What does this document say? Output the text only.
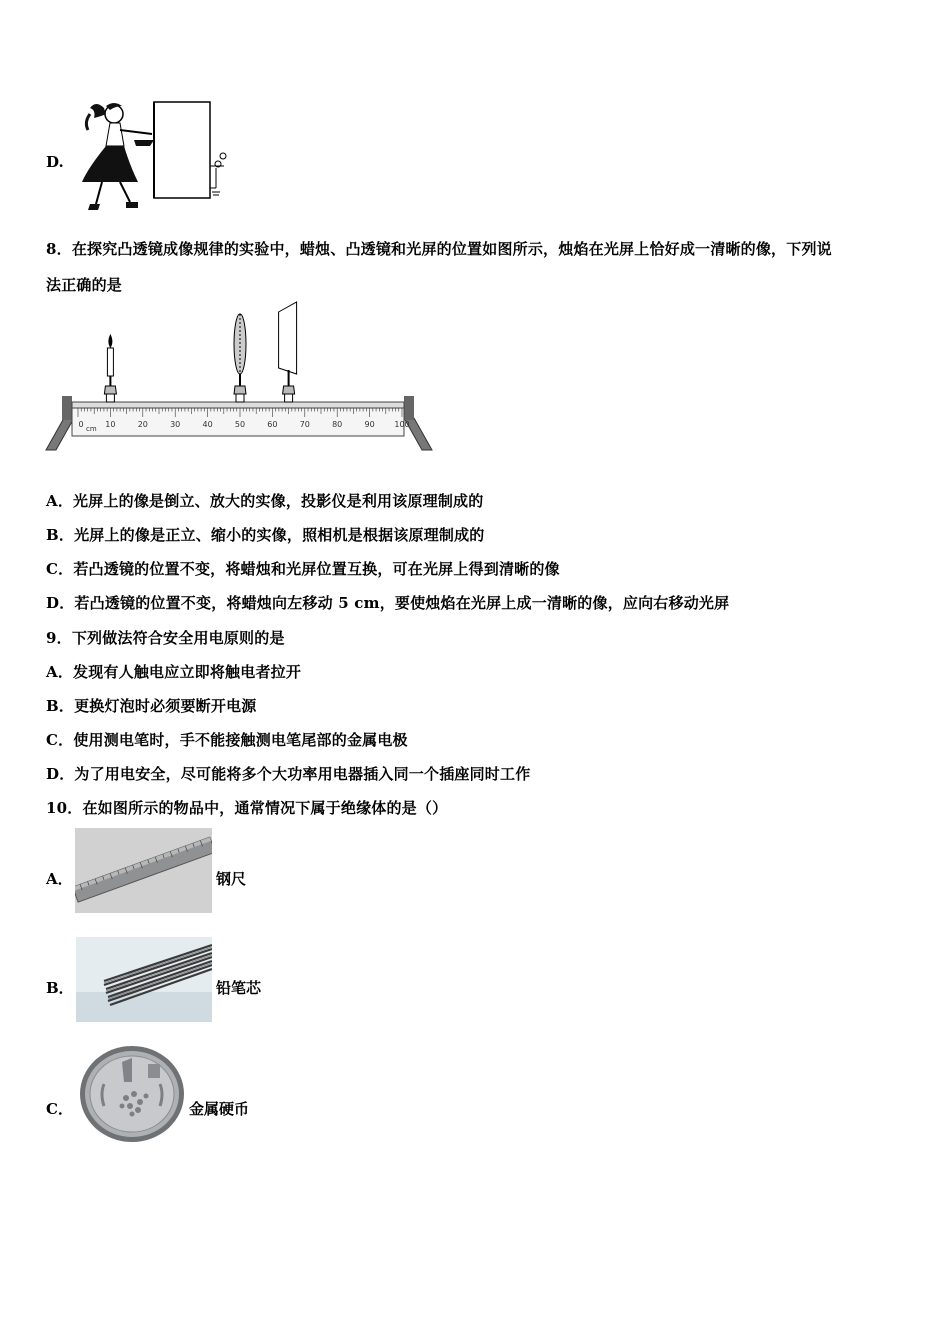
D.
8．在探究凸透镜成像规律的实验中，蜡烛、凸透镜和光屏的位置如图所示，烛焰在光屏上恰好成一清晰的像，下列说
法正确的是
0	10	20	30	40	50	60	70	80	90 100
cm
A．光屏上的像是倒立、放大的实像，投影仪是利用该原理制成的
B．光屏上的像是正立、缩小的实像，照相机是根据该原理制成的
C．若凸透镜的位置不变，将蜡烛和光屏位置互换，可在光屏上得到清晰的像
D．若凸透镜的位置不变，将蜡烛向左移动 5 cm，要使烛焰在光屏上成一清晰的像，应向右移动光屏
9．下列做法符合安全用电原则的是
A．发现有人触电应立即将触电者拉开
B．更换灯泡时必须要断开电源
C．使用测电笔时，手不能接触测电笔尾部的金属电极
D．为了用电安全，尽可能将多个大功率用电器插入同一个插座同时工作
10．在如图所示的物品中，通常情况下属于绝缘体的是（）
A．	钢尺
B．	铅笔芯
C．	金属硬币
